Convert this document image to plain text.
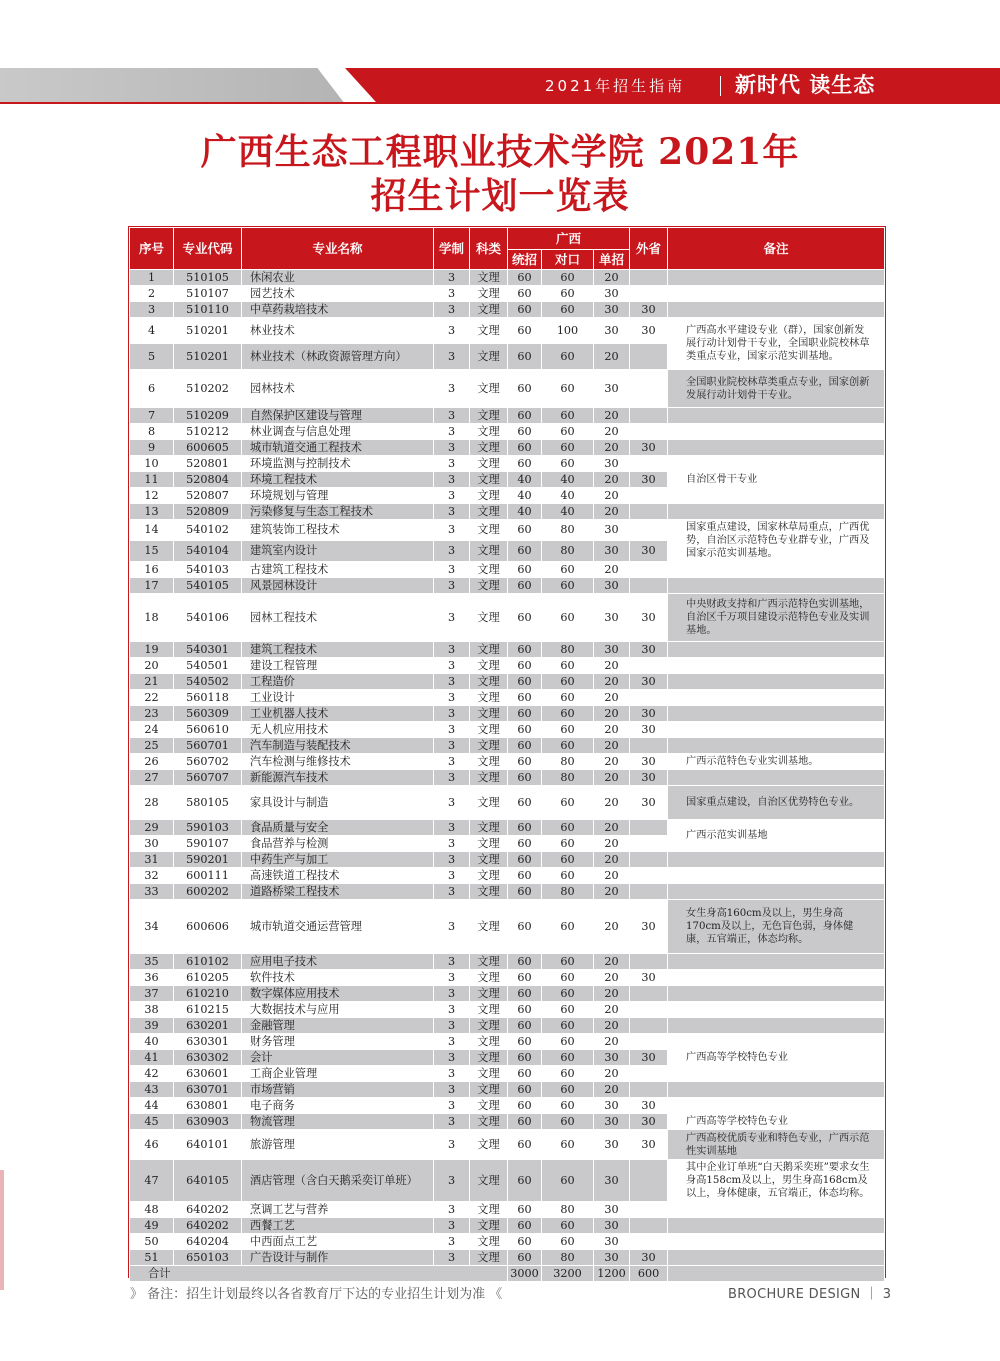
2021年招生指南 新时代 读生态
广西生态工程职业技术学院 2021年
招生计划一览表
序号	专业代码	专业名称	学制	科类	广西			外省	备注
					统招	对口	单招		
1	510105	休闲农业	3	文理	60	60	20		
2	510107	园艺技术	3	文理	60	60	30		
3	510110	中草药栽培技术	3	文理	60	60	30	30	
4	510201	林业技术	3	文理	60	100	30	30	广西高水平建设专业（群），国家创新发展行动计划骨干专业，全国职业院校林草类重点专业，国家示范实训基地。
5	510201	林业技术（林政资源管理方向）	3	文理	60	60	20		
6	510202	园林技术	3	文理	60	60	30		全国职业院校林草类重点专业，国家创新发展行动计划骨干专业。
7	510209	自然保护区建设与管理	3	文理	60	60	20		
8	510212	林业调查与信息处理	3	文理	60	60	20		
9	600605	城市轨道交通工程技术	3	文理	60	60	20	30	
10	520801	环境监测与控制技术	3	文理	60	60	30		
11	520804	环境工程技术	3	文理	40	40	20	30	自治区骨干专业
12	520807	环境规划与管理	3	文理	40	40	20		
13	520809	污染修复与生态工程技术	3	文理	40	40	20		
14	540102	建筑装饰工程技术	3	文理	60	80	30		国家重点建设，国家林草局重点，广西优势，自治区示范特色专业群专业，广西及国家示范实训基地。
15	540104	建筑室内设计	3	文理	60	80	30	30	
16	540103	古建筑工程技术	3	文理	60	60	20		
17	540105	风景园林设计	3	文理	60	60	30		
18	540106	园林工程技术	3	文理	60	60	30	30	中央财政支持和广西示范特色实训基地，自治区千万项目建设示范特色专业及实训基地。
19	540301	建筑工程技术	3	文理	60	80	30	30	
20	540501	建设工程管理	3	文理	60	60	20		
21	540502	工程造价	3	文理	60	60	20	30	
22	560118	工业设计	3	文理	60	60	20		
23	560309	工业机器人技术	3	文理	60	60	20	30	
24	560610	无人机应用技术	3	文理	60	60	20	30	
25	560701	汽车制造与装配技术	3	文理	60	60	20		
26	560702	汽车检测与维修技术	3	文理	60	80	20	30	广西示范特色专业实训基地。
27	560707	新能源汽车技术	3	文理	60	80	20	30	
28	580105	家具设计与制造	3	文理	60	60	20	30	国家重点建设，自治区优势特色专业。
29	590103	食品质量与安全	3	文理	60	60	20		广西示范实训基地
30	590107	食品营养与检测	3	文理	60	60	20		
31	590201	中药生产与加工	3	文理	60	60	20		
32	600111	高速铁道工程技术	3	文理	60	60	20		
33	600202	道路桥梁工程技术	3	文理	60	80	20		
34	600606	城市轨道交通运营管理	3	文理	60	60	20	30	女生身高160cm及以上，男生身高170cm及以上，无色盲色弱，身体健康，五官端正，体态均称。
35	610102	应用电子技术	3	文理	60	60	20		
36	610205	软件技术	3	文理	60	60	20	30	
37	610210	数字媒体应用技术	3	文理	60	60	20		
38	610215	大数据技术与应用	3	文理	60	60	20		
39	630201	金融管理	3	文理	60	60	20		
40	630301	财务管理	3	文理	60	60	20		
41	630302	会计	3	文理	60	60	30	30	广西高等学校特色专业
42	630601	工商企业管理	3	文理	60	60	20		
43	630701	市场营销	3	文理	60	60	20		
44	630801	电子商务	3	文理	60	60	30	30	
45	630903	物流管理	3	文理	60	60	30	30	广西高等学校特色专业
46	640101	旅游管理	3	文理	60	60	30	30	广西高校优质专业和特色专业，广西示范性实训基地
47	640105	酒店管理（含白天鹅采奕订单班）	3	文理	60	60	30		其中企业订单班“白天鹅采奕班”要求女生身高158cm及以上，男生身高168cm及以上，身体健康，五官端正，体态均称。
48	640202	烹调工艺与营养	3	文理	60	80	30		
49	640202	西餐工艺	3	文理	60	60	30		
50	640204	中西面点工艺	3	文理	60	60	30		
51	650103	广告设计与制作	3	文理	60	80	30	30	
合计					3000	3200	1200	600	
》 备注：招生计划最终以各省教育厅下达的专业招生计划为准 《	BROCHURE DESIGN ｜ 3
